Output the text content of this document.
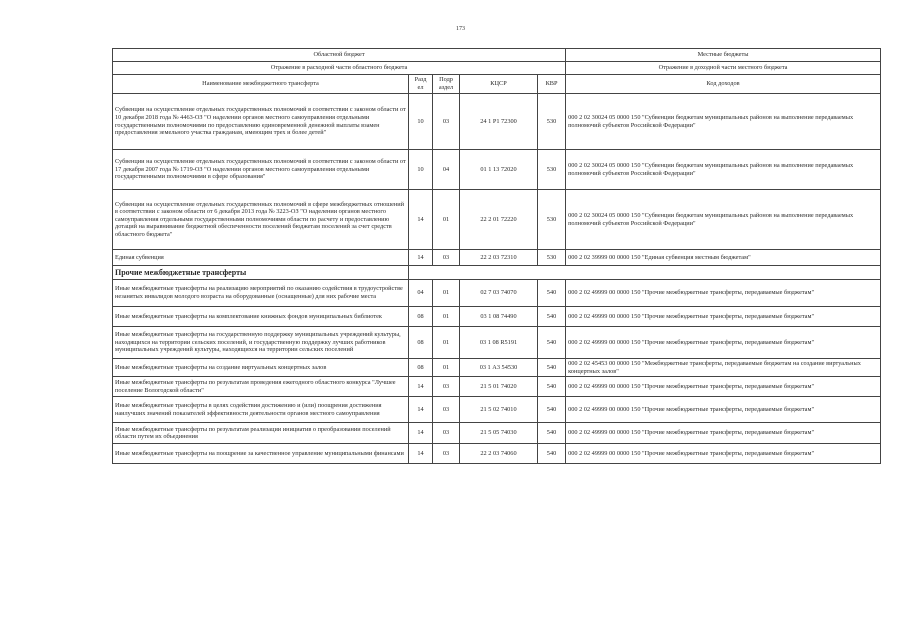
173
Областной бюджет					Местные бюджеты
Отражение в расходной части областного бюджета					Отражение в доходной части местного бюджета
Наименование межбюджетного трансферта	Разд ел	Подр аздел	КЦСР	КВР	Код доходов
Субвенции на осуществление отдельных государственных полномочий в соответствии с законом области от 10 декабря 2018 года № 4463-ОЗ "О наделении органов местного самоуправления отдельными государственными полномочиями по предоставлению единовременной денежной выплаты взамен предоставления земельного участка гражданам, имеющим трех и более детей"	10	03	24 1 Р1 72300	530	000 2 02 30024 05 0000 150 "Субвенции бюджетам муниципальных районов на выполнение передаваемых полномочий субъектов Российской Федерации"
Субвенции на осуществление отдельных государственных полномочий в соответствии с законом области от 17 декабря 2007 года № 1719-ОЗ "О наделении органов местного самоуправления отдельными государственными полномочиями в сфере образования"	10	04	01 1 13 72020	530	000 2 02 30024 05 0000 150 "Субвенции бюджетам муниципальных районов на выполнение передаваемых полномочий субъектов Российской Федерации"
Субвенции на осуществление отдельных государственных полномочий в сфере межбюджетных отношений в соответствии с законом области от 6 декабря 2013 года № 3223-ОЗ "О наделении органов местного самоуправления отдельными государственными полномочиями области по расчету и предоставлению дотаций на выравнивание бюджетной обеспеченности поселений бюджетам поселений за счет средств областного бюджета"	14	01	22 2 01 72220	530	000 2 02 30024 05 0000 150 "Субвенции бюджетам муниципальных районов на выполнение передаваемых полномочий субъектов Российской Федерации"
Единая субвенция	14	03	22 2 03 72310	530	000 2 02 39999 00 0000 150 "Единая субвенция местным бюджетам"
Прочие межбюджетные трансферты					
Иные межбюджетные трансферты на реализацию мероприятий по оказанию содействия в трудоустройстве незанятых инвалидов молодого возраста на оборудованные (оснащенные) для них рабочие места	04	01	02 7 03 74070	540	000 2 02 49999 00 0000 150 "Прочие межбюджетные трансферты, передаваемые бюджетам"
Иные межбюджетные трансферты на комплектование книжных фондов муниципальных библиотек	08	01	03 1 08 74490	540	000 2 02 49999 00 0000 150 "Прочие межбюджетные трансферты, передаваемые бюджетам"
Иные межбюджетные трансферты на государственную поддержку муниципальных учреждений культуры, находящихся на территории сельских поселений, и государственную поддержку лучших работников муниципальных учреждений культуры, находящихся на территории сельских поселений	08	01	03 1 08 R5191	540	000 2 02 49999 00 0000 150 "Прочие межбюджетные трансферты, передаваемые бюджетам"
Иные межбюджетные трансферты на создание виртуальных концертных залов	08	01	03 1 А3 54530	540	000 2 02 45453 00 0000 150 "Межбюджетные трансферты, передаваемые бюджетам на создание виртуальных концертных залов"
Иные межбюджетные трансферты по результатам проведения ежегодного областного конкурса "Лучшее поселение Вологодской области"	14	03	21 5 01 74020	540	000 2 02 49999 00 0000 150 "Прочие межбюджетные трансферты, передаваемые бюджетам"
Иные межбюджетные трансферты в целях содействия достижению и (или) поощрения достижения наилучших значений показателей эффективности деятельности органов местного самоуправления	14	03	21 5 02 74010	540	000 2 02 49999 00 0000 150 "Прочие межбюджетные трансферты, передаваемые бюджетам"
Иные межбюджетные трансферты по результатам реализации инициатив о преобразовании поселений области путем их объединения	14	03	21 5 05 74030	540	000 2 02 49999 00 0000 150 "Прочие межбюджетные трансферты, передаваемые бюджетам"
Иные межбюджетные трансферты на поощрение за качественное управление муниципальными финансами	14	03	22 2 03 74060	540	000 2 02 49999 00 0000 150 "Прочие межбюджетные трансферты, передаваемые бюджетам"
